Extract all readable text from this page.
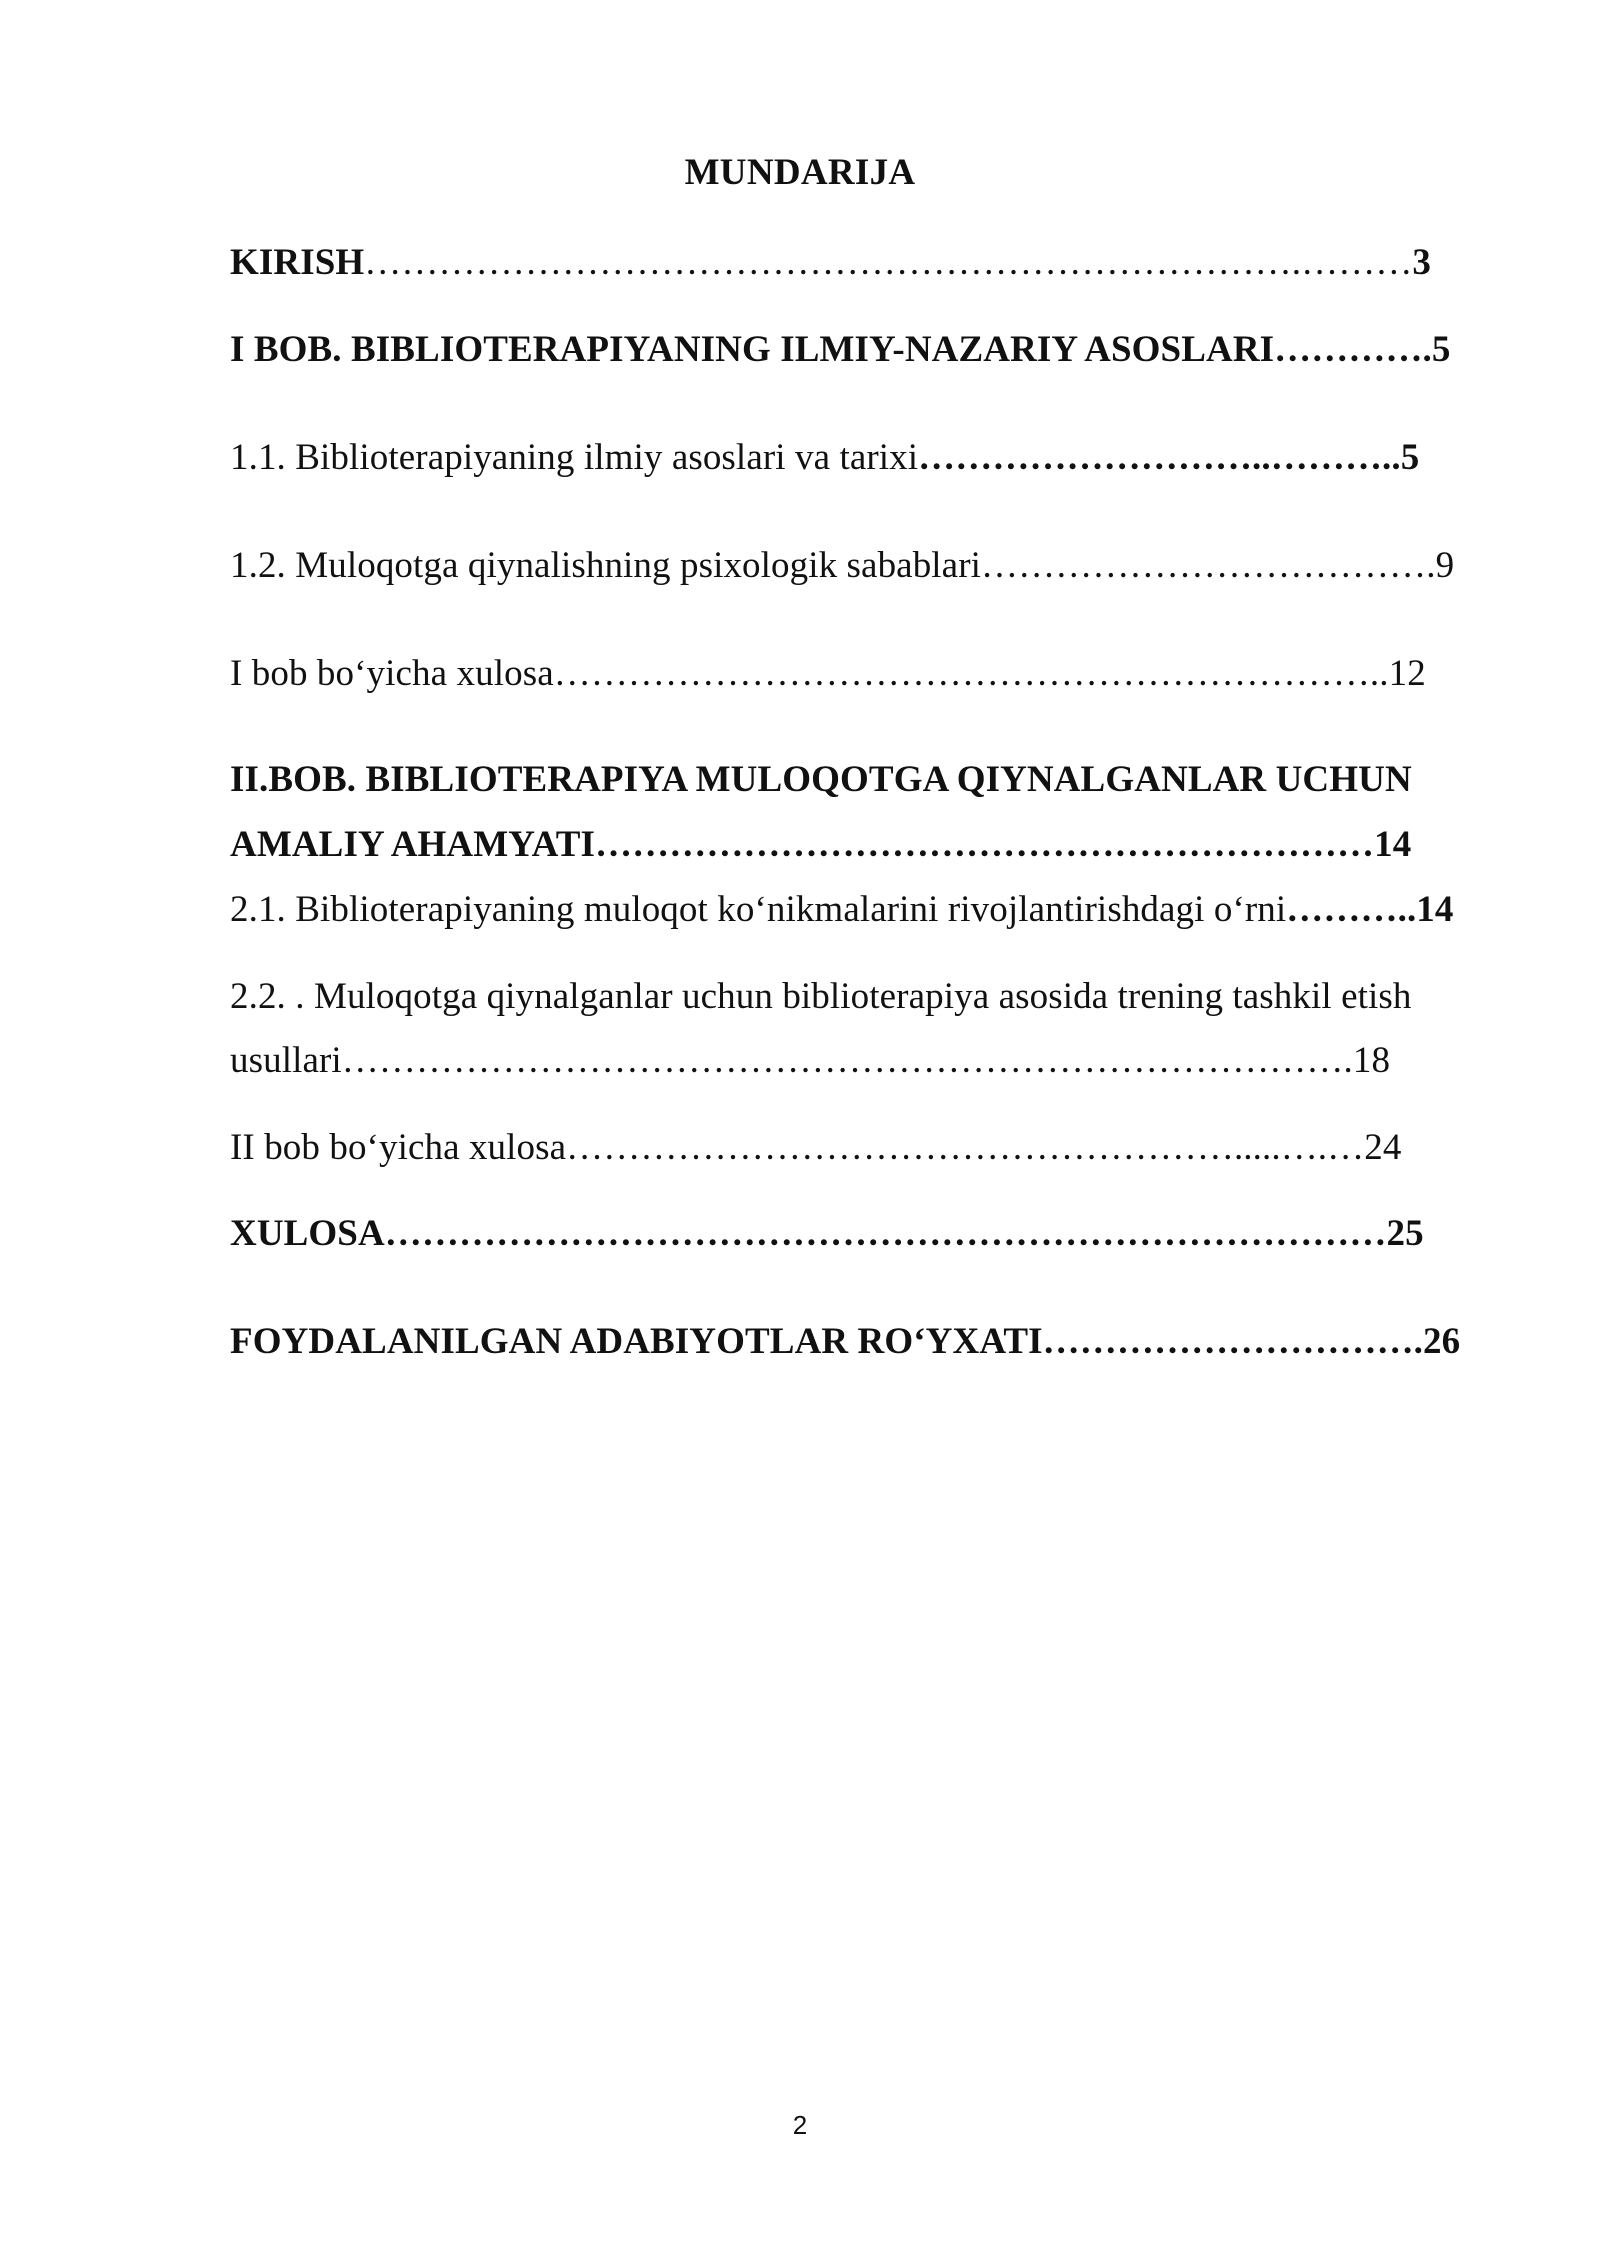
MUNDARIJA
KIRISH………………………………………………………………….………3
I BOB. BIBLIOTERAPIYANING ILMIY-NAZARIY ASOSLARI………….5
1.1. Biblioterapiyaning ilmiy asoslari va tarixi………………………..………..5
1.2. Muloqotga qiynalishning psixologik sabablari……………………………….9
I bob bo‘yicha xulosa…………………………………………………………..12
II.BOB. BIBLIOTERAPIYA MULOQOTGA QIYNALGANLAR UCHUN
AMALIY AHAMYATI………………………………………………………14
2.1. Biblioterapiyaning muloqot ko‘nikmalarini rivojlantirishdagi o‘rni………..14
2.2. . Muloqotga qiynalganlar uchun biblioterapiya asosida trening tashkil etish
usullari……………………………………………………………………….18
II bob bo‘yicha xulosa……………………………………………….....….…24
XULOSA………………………………………………………………………25
FOYDALANILGAN ADABIYOTLAR RO‘YXATI………………………….26
2
